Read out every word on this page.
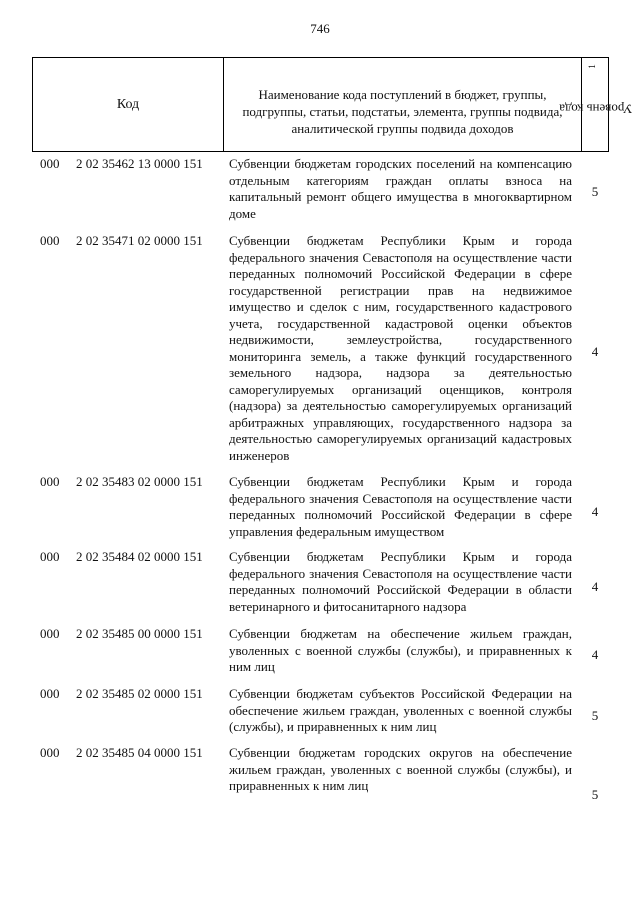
746
Код
Наименование кода поступлений в бюджет, группы, подгруппы, статьи, подстатьи, элемента, группы подвида, аналитической группы подвида доходов
Уровень кода $^1$
000 2 02 35462 13 0000 151 Субвенции бюджетам городских поселений на компенсацию отдельным категориям граждан оплаты взноса на капитальный ремонт общего имущества в многоквартирном доме
5
000 2 02 35471 02 0000 151 Субвенции бюджетам Республики Крым и города федерального значения Севастополя на осуществление части переданных полномочий Российской Федерации в сфере государственной регистрации прав на недвижимое имущество и сделок с ним, государственного кадастрового учета, государственной кадастровой оценки объектов недвижимости, землеустройства, государственного мониторинга земель, а также функций государственного земельного надзора, надзора за деятельностью саморегулируемых организаций оценщиков, контроля (надзора) за деятельностью саморегулируемых организаций арбитражных управляющих, государственного надзора за деятельностью саморегулируемых организаций кадастровых инженеров
4
000 2 02 35483 02 0000 151 Субвенции бюджетам Республики Крым и города федерального значения Севастополя на осуществление части переданных полномочий Российской Федерации в сфере управления федеральным имуществом
4
000 2 02 35484 02 0000 151 Субвенции бюджетам Республики Крым и города федерального значения Севастополя на осуществление части переданных полномочий Российской Федерации в области ветеринарного и фитосанитарного надзора
4
000 2 02 35485 00 0000 151 Субвенции бюджетам на обеспечение жильем граждан, уволенных с военной службы (службы), и приравненных к ним лиц
4
000 2 02 35485 02 0000 151 Субвенции бюджетам субъектов Российской Федерации на обеспечение жильем граждан, уволенных с военной службы (службы), и приравненных к ним лиц
5
000 2 02 35485 04 0000 151 Субвенции бюджетам городских округов на обеспечение жильем граждан, уволенных с военной службы (службы), и приравненных к ним лиц
5
